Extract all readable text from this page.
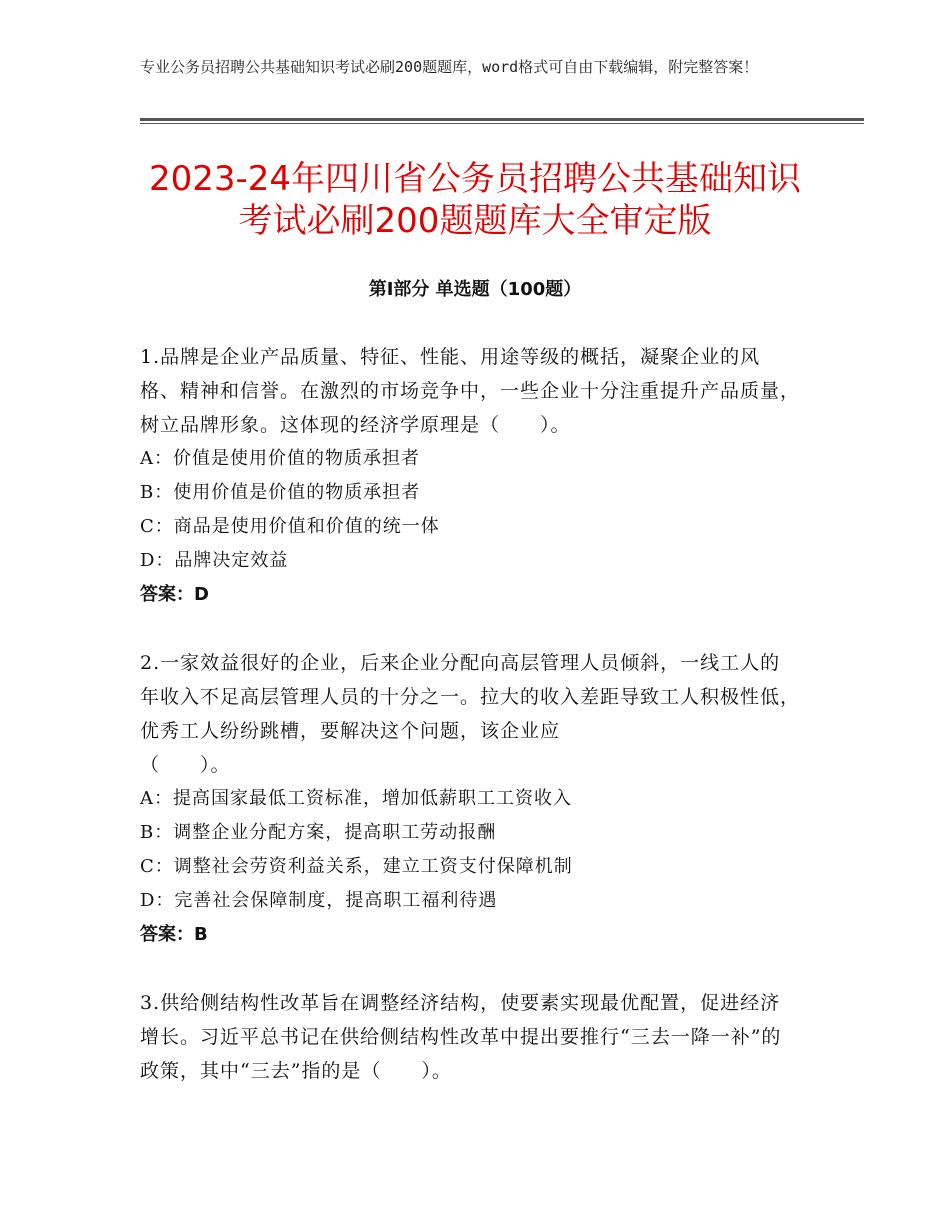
专业公务员招聘公共基础知识考试必刷200题题库，word格式可自由下载编辑，附完整答案！
2023-24年四川省公务员招聘公共基础知识
考试必刷200题题库大全审定版
第Ⅰ部分 单选题（100题）

1.品牌是企业产品质量、特征、性能、用途等级的概括，凝聚企业的风格、精神和信誉。在激烈的市场竞争中，一些企业十分注重提升产品质量，树立品牌形象。这体现的经济学原理是（　　）。

A：价值是使用价值的物质承担者

B：使用价值是价值的物质承担者

C：商品是使用价值和价值的统一体

D：品牌决定效益

答案：D

2.一家效益很好的企业，后来企业分配向高层管理人员倾斜，一线工人的年收入不足高层管理人员的十分之一。拉大的收入差距导致工人积极性低，优秀工人纷纷跳槽，要解决这个问题，该企业应
（　　）。

A：提高国家最低工资标准，增加低薪职工工资收入

B：调整企业分配方案，提高职工劳动报酬

C：调整社会劳资利益关系，建立工资支付保障机制

D：完善社会保障制度，提高职工福利待遇

答案：B

3.供给侧结构性改革旨在调整经济结构，使要素实现最优配置，促进经济增长。习近平总书记在供给侧结构性改革中提出要推行“三去一降一补”的政策，其中“三去”指的是（　　）。
